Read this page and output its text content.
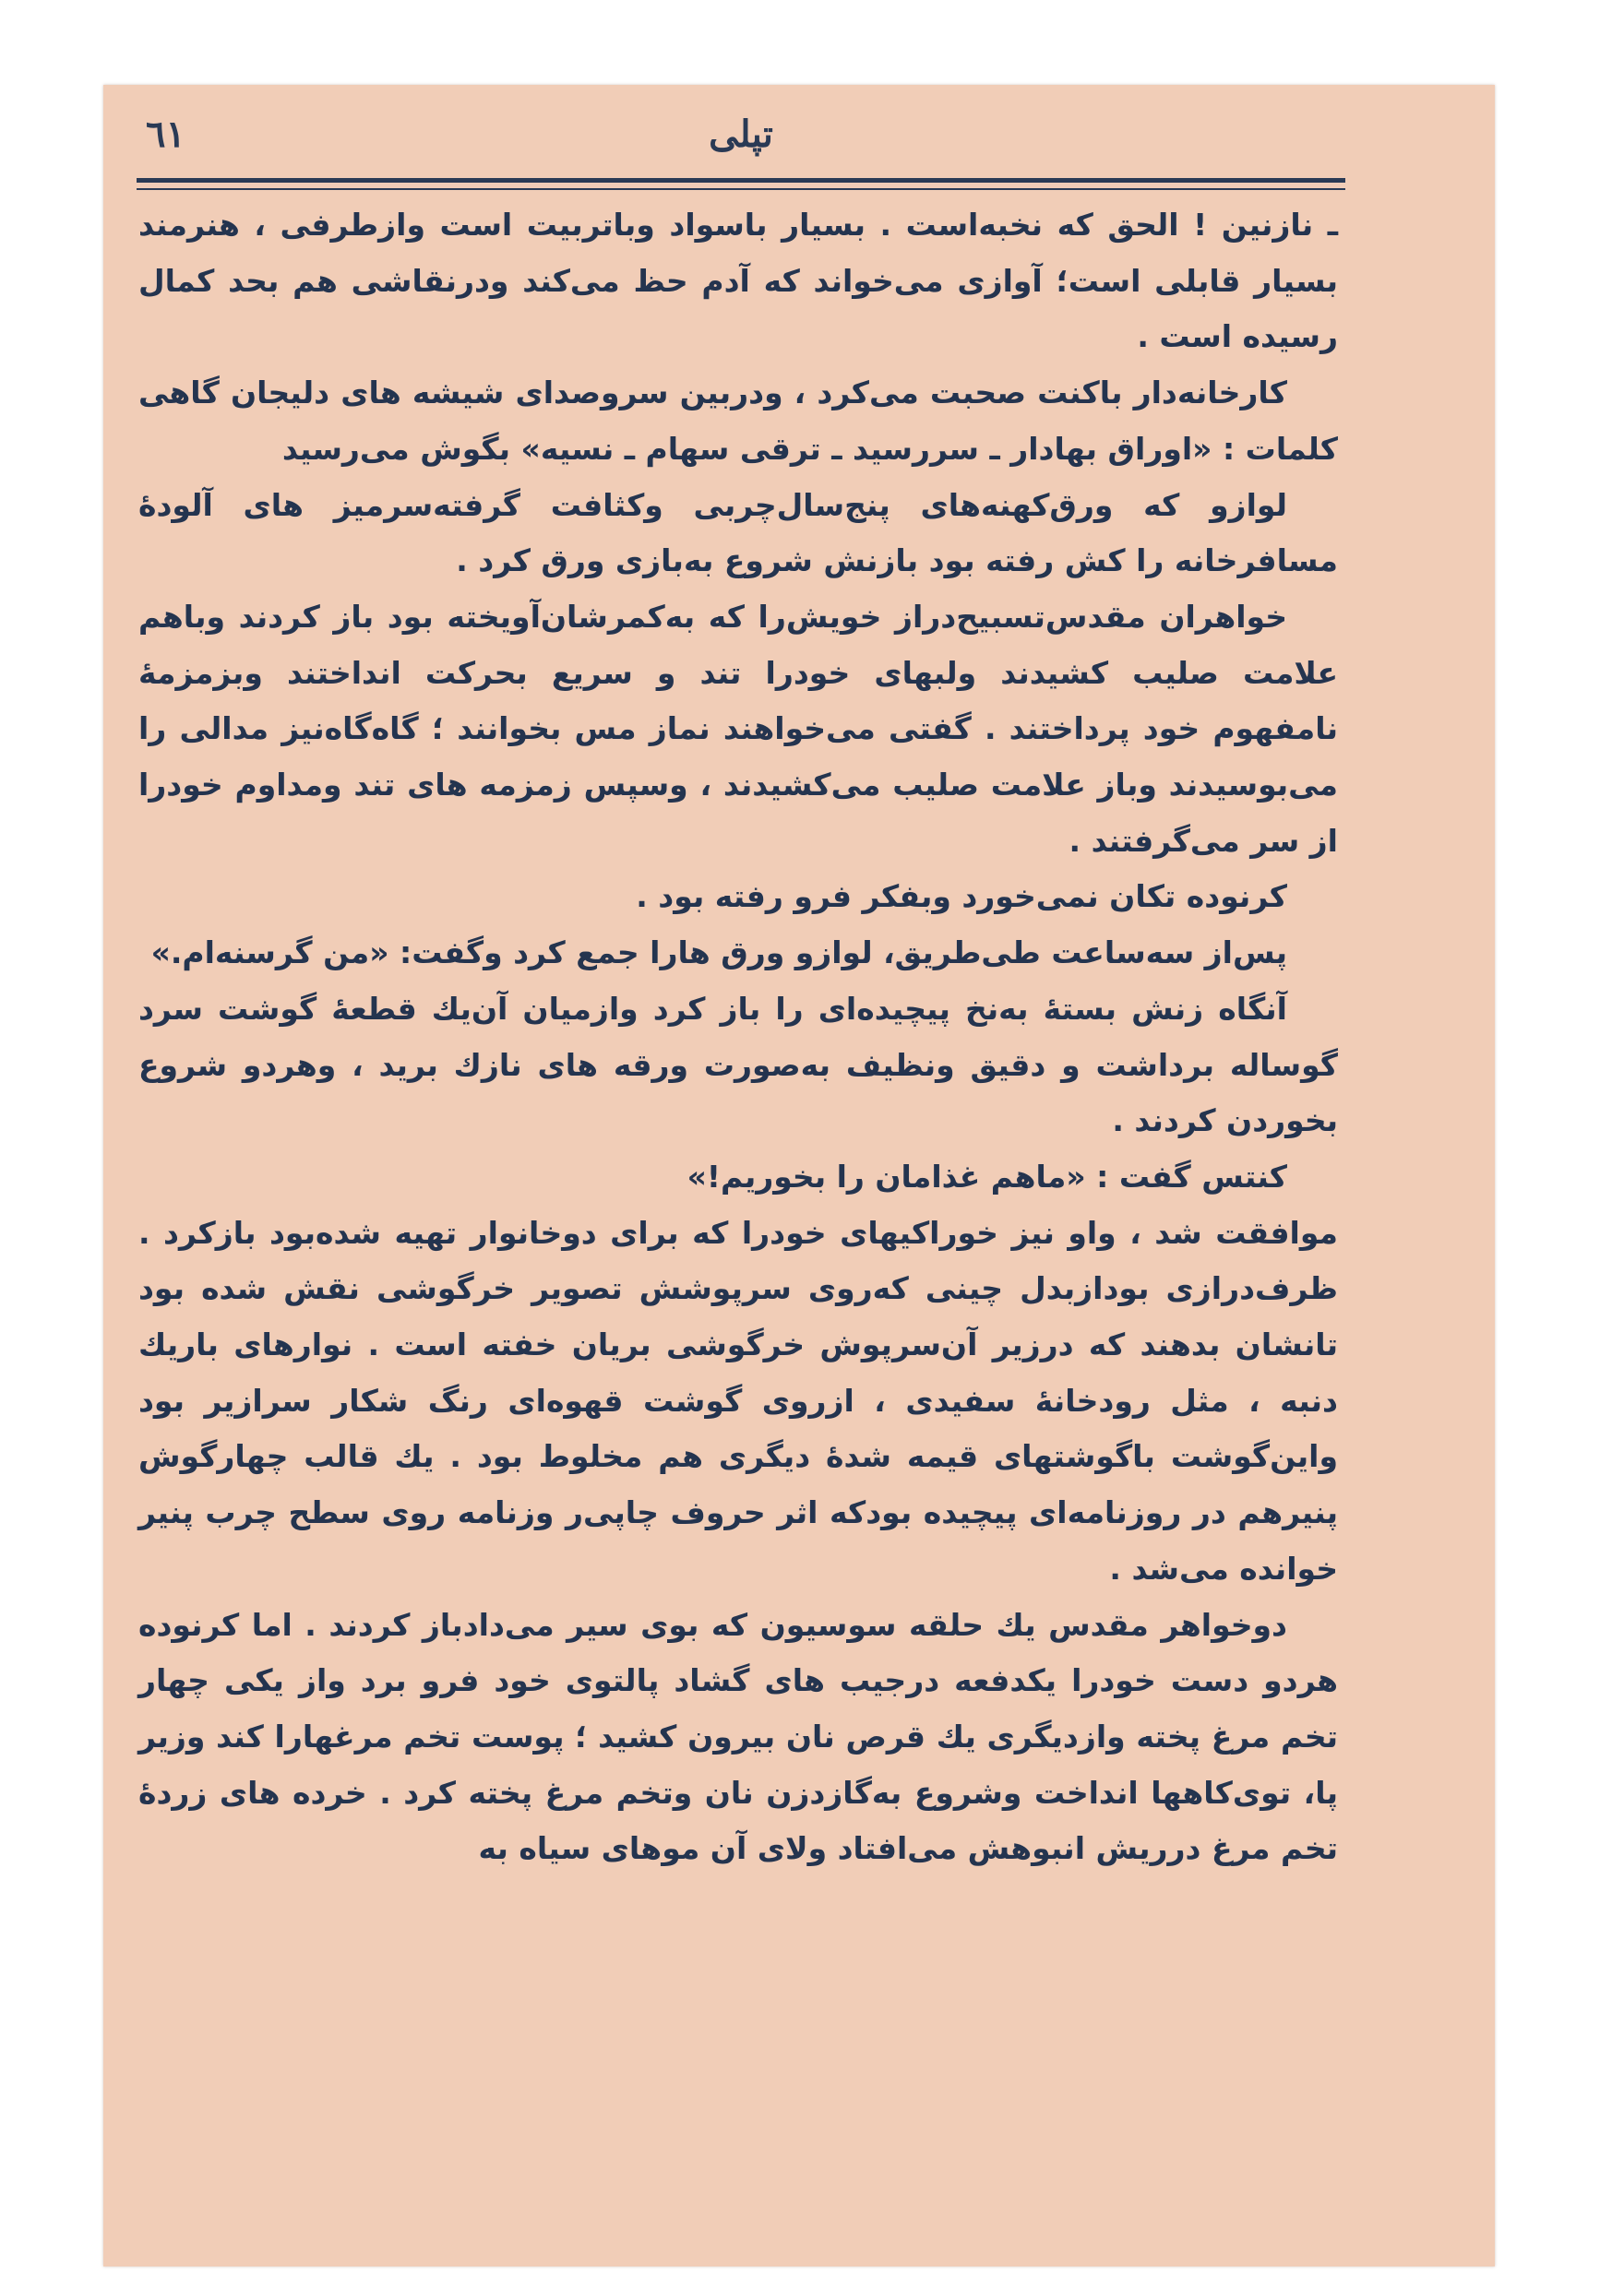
٦١	تپلی

ـ نازنین ! الحق که نخبه‌است . بسیار باسواد وباتربیت است وازطرفی ، هنرمند بسیار قابلی است؛ آوازی می‌خواند که آدم حظ می‌کند ودرنقاشی هم بحد کمال رسیده است .

کارخانه‌دار باکنت صحبت می‌کرد ، ودربین سروصدای شیشه های دلیجان گاهی کلمات : «اوراق بهادار ـ سررسید ـ ترقی سهام ـ نسیه» بگوش می‌رسید

لوازو که ورق‌کهنه‌های پنج‌سال‌چربی وکثافت گرفته‌سرمیز های آلودهٔ مسافرخانه را کش رفته بود بازنش شروع به‌بازی ورق کرد .

خواهران مقدس‌تسبیح‌دراز خویش‌را که به‌کمرشان‌آویخته بود باز کردند وباهم علامت صلیب کشیدند ولبهای خودرا تند و سریع بحرکت انداختند وبزمزمهٔ نامفهوم خود پرداختند . گفتی می‌خواهند نماز مس بخوانند ؛ گاه‌گاه‌نیز مدالی را می‌بوسیدند وباز علامت صلیب می‌کشیدند ، وسپس زمزمه های تند ومداوم خودرا از سر می‌گرفتند .

کرنوده تکان نمی‌خورد وبفکر فرو رفته بود .

پس‌از سه‌ساعت طی‌طریق، لوازو ورق هارا جمع کرد وگفت: «من گرسنه‌ام.»

آنگاه زنش بستهٔ به‌نخ پیچیده‌ای را باز کرد وازمیان آن‌یك قطعهٔ گوشت سرد گوساله برداشت و دقیق ونظیف به‌صورت ورقه های نازك برید ، وهردو شروع بخوردن کردند .

کنتس گفت : «ماهم غذامان را بخوریم!»

موافقت شد ، واو نیز خوراکیهای خودرا که برای دوخانوار تهیه شده‌بود بازکرد . ظرف‌درازی بودازبدل چینی که‌روی سرپوشش تصویر خرگوشی نقش شده بود تانشان بدهند که درزیر آن‌سرپوش خرگوشی بریان خفته است . نوارهای باریك دنبه ، مثل رودخانهٔ سفیدی ، ازروی گوشت قهوه‌ای رنگ شکار سرازیر بود واین‌گوشت باگوشتهای قیمه شدهٔ دیگری هم مخلوط بود . یك قالب چهارگوش پنیرهم در روزنامه‌ای پیچیده بودکه اثر حروف چاپی‌ر وزنامه روی سطح چرب پنیر خوانده می‌شد .

دوخواهر مقدس یك حلقه سوسیون که بوی سیر می‌دادباز کردند . اما کرنوده هردو دست خودرا یکدفعه درجیب های گشاد پالتوی خود فرو برد واز یکی چهار تخم مرغ پخته وازدیگری یك قرص نان بیرون کشید ؛ پوست تخم مرغهارا کند وزیر پا، توی‌کاهها انداخت وشروع به‌گازدزن نان وتخم مرغ پخته کرد . خرده های زردهٔ تخم مرغ درریش انبوهش می‌افتاد ولای آن موهای سیاه به
